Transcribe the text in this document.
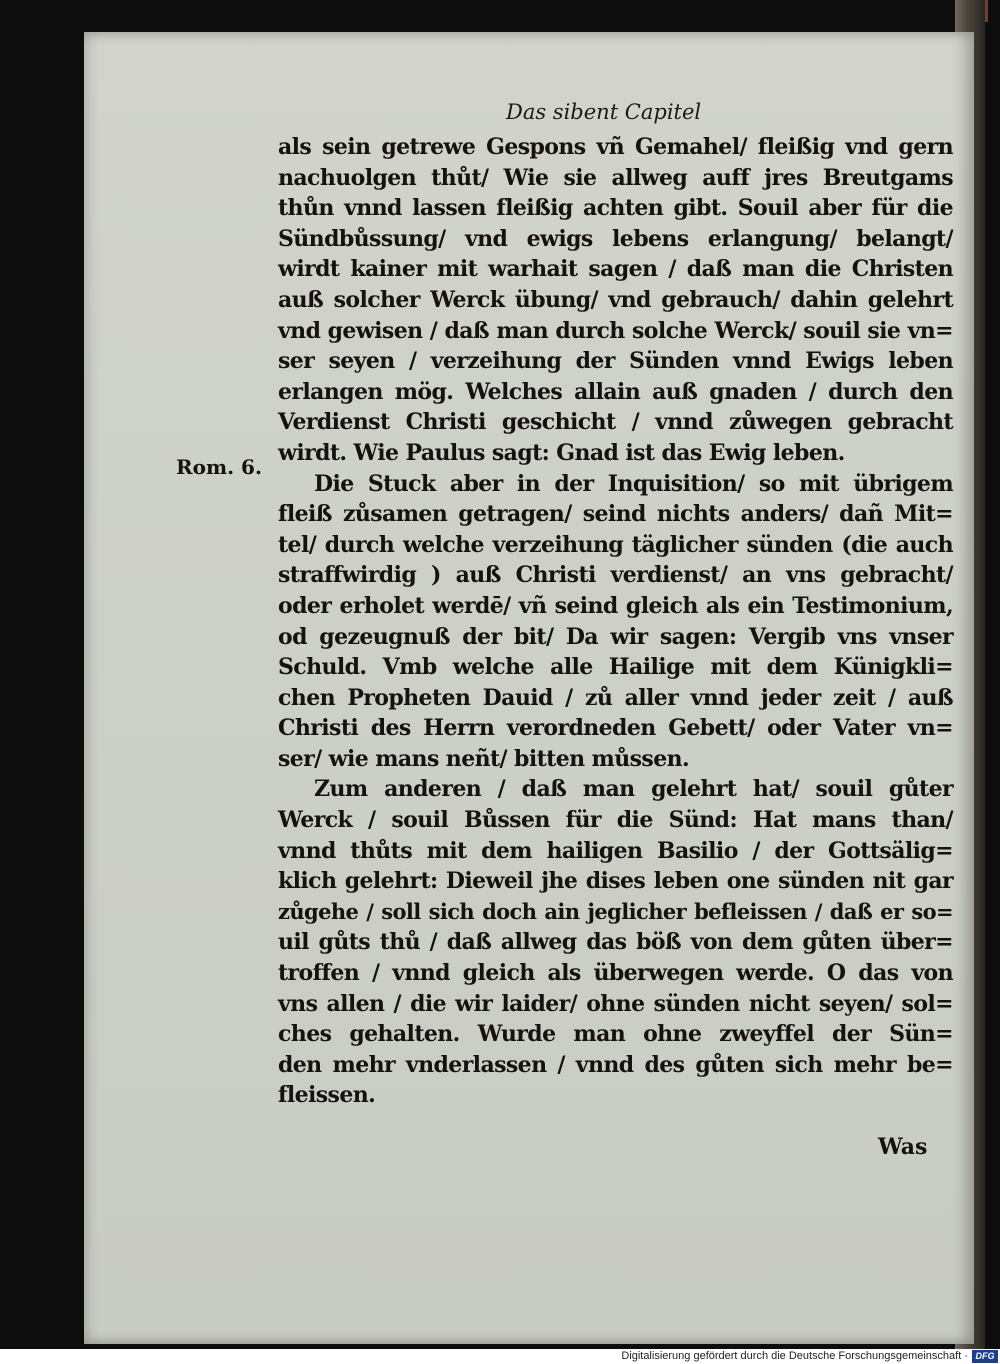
Das sibent Capitel
Rom. 6.
als sein getrewe Gespons vñ Gemahel/ fleißig vnd gern
nachuolgen thůt/ Wie sie allweg auff jres Breutgams
thůn vnnd lassen fleißig achten gibt. Souil aber für die
Sündbůssung/ vnd ewigs lebens erlangung/ belangt/
wirdt kainer mit warhait sagen / daß man die Christen
auß solcher Werck übung/ vnd gebrauch/ dahin gelehrt
vnd gewisen / daß man durch solche Werck/ souil sie vn=
ser seyen / verzeihung der Sünden vnnd Ewigs leben
erlangen mög. Welches allain auß gnaden / durch den
Verdienst Christi geschicht / vnnd zůwegen gebracht
wirdt. Wie Paulus sagt: Gnad ist das Ewig leben.
Die Stuck aber in der Inquisition/ so mit übrigem
fleiß zůsamen getragen/ seind nichts anders/ dañ Mit=
tel/ durch welche verzeihung täglicher sünden (die auch
straffwirdig ) auß Christi verdienst/ an vns gebracht/
oder erholet werdē/ vñ seind gleich als ein Testimonium,
od gezeugnuß der bit/ Da wir sagen: Vergib vns vnser
Schuld. Vmb welche alle Hailige mit dem Künigkli=
chen Propheten Dauid / zů aller vnnd jeder zeit / auß
Christi des Herrn verordneden Gebett/ oder Vater vn=
ser/ wie mans neñt/ bitten můssen.
Zum anderen / daß man gelehrt hat/ souil gůter
Werck / souil Bůssen für die Sünd: Hat mans than/
vnnd thůts mit dem hailigen Basilio / der Gottsälig=
klich gelehrt: Dieweil jhe dises leben one sünden nit gar
zůgehe / soll sich doch ain jeglicher befleissen / daß er so=
uil gůts thů / daß allweg das böß von dem gůten über=
troffen / vnnd gleich als überwegen werde. O das von
vns allen / die wir laider/ ohne sünden nicht seyen/ sol=
ches gehalten. Wurde man ohne zweyffel der Sün=
den mehr vnderlassen / vnnd des gůten sich mehr be=
fleissen.
Was
Digitalisierung gefördert durch die Deutsche Forschungsgemeinschaft · DFG
